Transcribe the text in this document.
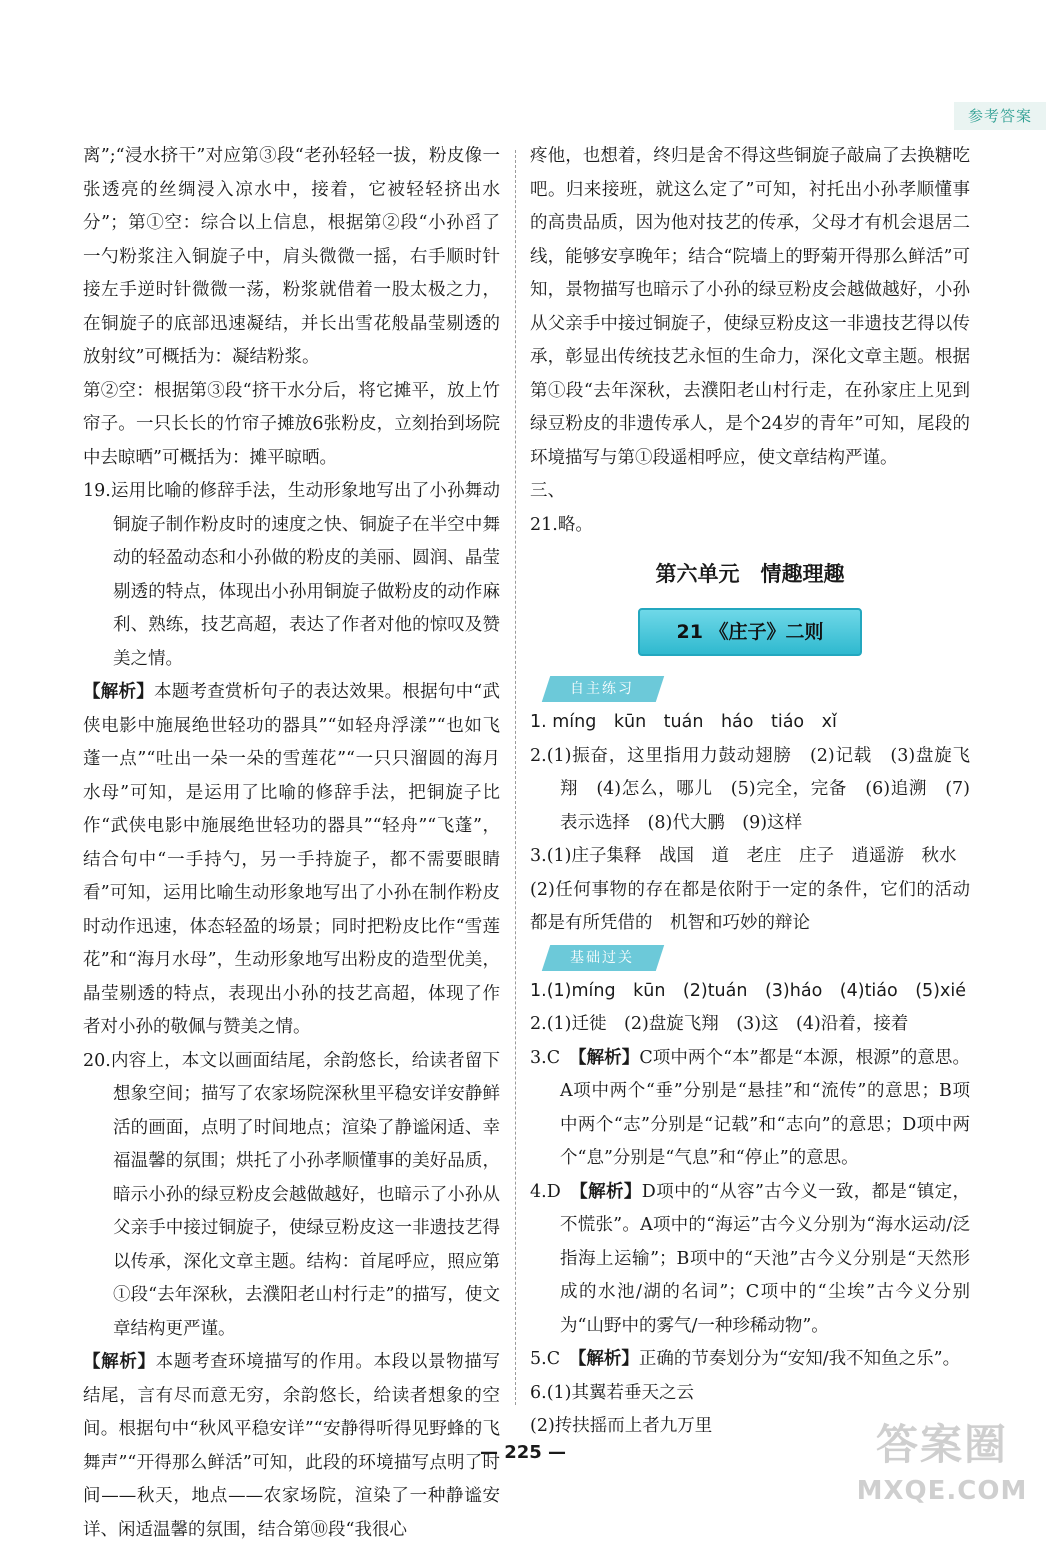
参考答案

离”;“浸水挤干”对应第③段“老孙轻轻一拔，粉皮像一张透亮的丝绸浸入凉水中，接着，它被轻轻挤出水分”；第①空：综合以上信息，根据第②段“小孙舀了一勺粉浆注入铜旋子中，肩头微微一摇，右手顺时针接左手逆时针微微一荡，粉浆就借着一股太极之力，在铜旋子的底部迅速凝结，并长出雪花般晶莹剔透的放射纹”可概括为：凝结粉浆。

第②空：根据第③段“挤干水分后，将它摊平，放上竹帘子。一只长长的竹帘子摊放6张粉皮，立刻抬到场院中去晾晒”可概括为：摊平晾晒。

19.运用比喻的修辞手法，生动形象地写出了小孙舞动铜旋子制作粉皮时的速度之快、铜旋子在半空中舞动的轻盈动态和小孙做的粉皮的美丽、圆润、晶莹剔透的特点，体现出小孙用铜旋子做粉皮的动作麻利、熟练，技艺高超，表达了作者对他的惊叹及赞美之情。

【解析】本题考查赏析句子的表达效果。根据句中“武侠电影中施展绝世轻功的器具”“如轻舟浮漾”“也如飞蓬一点”“吐出一朵一朵的雪莲花”“一只只溜圆的海月水母”可知，是运用了比喻的修辞手法，把铜旋子比作“武侠电影中施展绝世轻功的器具”“轻舟”“飞蓬”，结合句中“一手持勺，另一手持旋子，都不需要眼睛看”可知，运用比喻生动形象地写出了小孙在制作粉皮时动作迅速，体态轻盈的场景；同时把粉皮比作“雪莲花”和“海月水母”，生动形象地写出粉皮的造型优美，晶莹剔透的特点，表现出小孙的技艺高超，体现了作者对小孙的敬佩与赞美之情。

20.内容上，本文以画面结尾，余韵悠长，给读者留下想象空间；描写了农家场院深秋里平稳安详安静鲜活的画面，点明了时间地点；渲染了静谧闲适、幸福温馨的氛围；烘托了小孙孝顺懂事的美好品质，暗示小孙的绿豆粉皮会越做越好，也暗示了小孙从父亲手中接过铜旋子，使绿豆粉皮这一非遗技艺得以传承，深化文章主题。结构：首尾呼应，照应第①段“去年深秋，去濮阳老山村行走”的描写，使文章结构更严谨。

【解析】本题考查环境描写的作用。本段以景物描写结尾，言有尽而意无穷，余韵悠长，给读者想象的空间。根据句中“秋风平稳安详”“安静得听得见野蜂的飞舞声”“开得那么鲜活”可知，此段的环境描写点明了时间——秋天，地点——农家场院，渲染了一种静谧安详、闲适温馨的氛围，结合第⑩段“我很心

疼他，也想着，终归是舍不得这些铜旋子敲扁了去换糖吃吧。归来接班，就这么定了”可知，衬托出小孙孝顺懂事的高贵品质，因为他对技艺的传承，父母才有机会退居二线，能够安享晚年；结合“院墙上的野菊开得那么鲜活”可知，景物描写也暗示了小孙的绿豆粉皮会越做越好，小孙从父亲手中接过铜旋子，使绿豆粉皮这一非遗技艺得以传承，彰显出传统技艺永恒的生命力，深化文章主题。根据第①段“去年深秋，去濮阳老山村行走，在孙家庄上见到绿豆粉皮的非遗传承人，是个24岁的青年”可知，尾段的环境描写与第①段遥相呼应，使文章结构严谨。

三、

21.略。

第六单元　情趣理趣
21 《庄子》二则
自主练习

1. míng　kūn　tuán　háo　tiáo　xǐ

2.(1)振奋，这里指用力鼓动翅膀　(2)记载　(3)盘旋飞翔　(4)怎么，哪儿　(5)完全，完备　(6)追溯　(7)表示选择　(8)代大鹏　(9)这样

3.(1)庄子集释　战国　道　老庄　庄子　逍遥游　秋水

(2)任何事物的存在都是依附于一定的条件，它们的活动都是有所凭借的　机智和巧妙的辩论

基础过关

1.(1)míng　kūn　(2)tuán　(3)háo　(4)tiáo　(5)xié

2.(1)迁徙　(2)盘旋飞翔　(3)这　(4)沿着，接着

3.C　【解析】C项中两个“本”都是“本源，根源”的意思。A项中两个“垂”分别是“悬挂”和“流传”的意思；B项中两个“志”分别是“记载”和“志向”的意思；D项中两个“息”分别是“气息”和“停止”的意思。

4.D　【解析】D项中的“从容”古今义一致，都是“镇定，不慌张”。A项中的“海运”古今义分别为“海水运动/泛指海上运输”；B项中的“天池”古今义分别是“天然形成的水池/湖的名词”；C项中的“尘埃”古今义分别为“山野中的雾气/一种珍稀动物”。

5.C　【解析】正确的节奏划分为“安知/我不知鱼之乐”。

6.(1)其翼若垂天之云

(2)抟扶摇而上者九万里

— 225 —	答案圈
MXQE.COM
